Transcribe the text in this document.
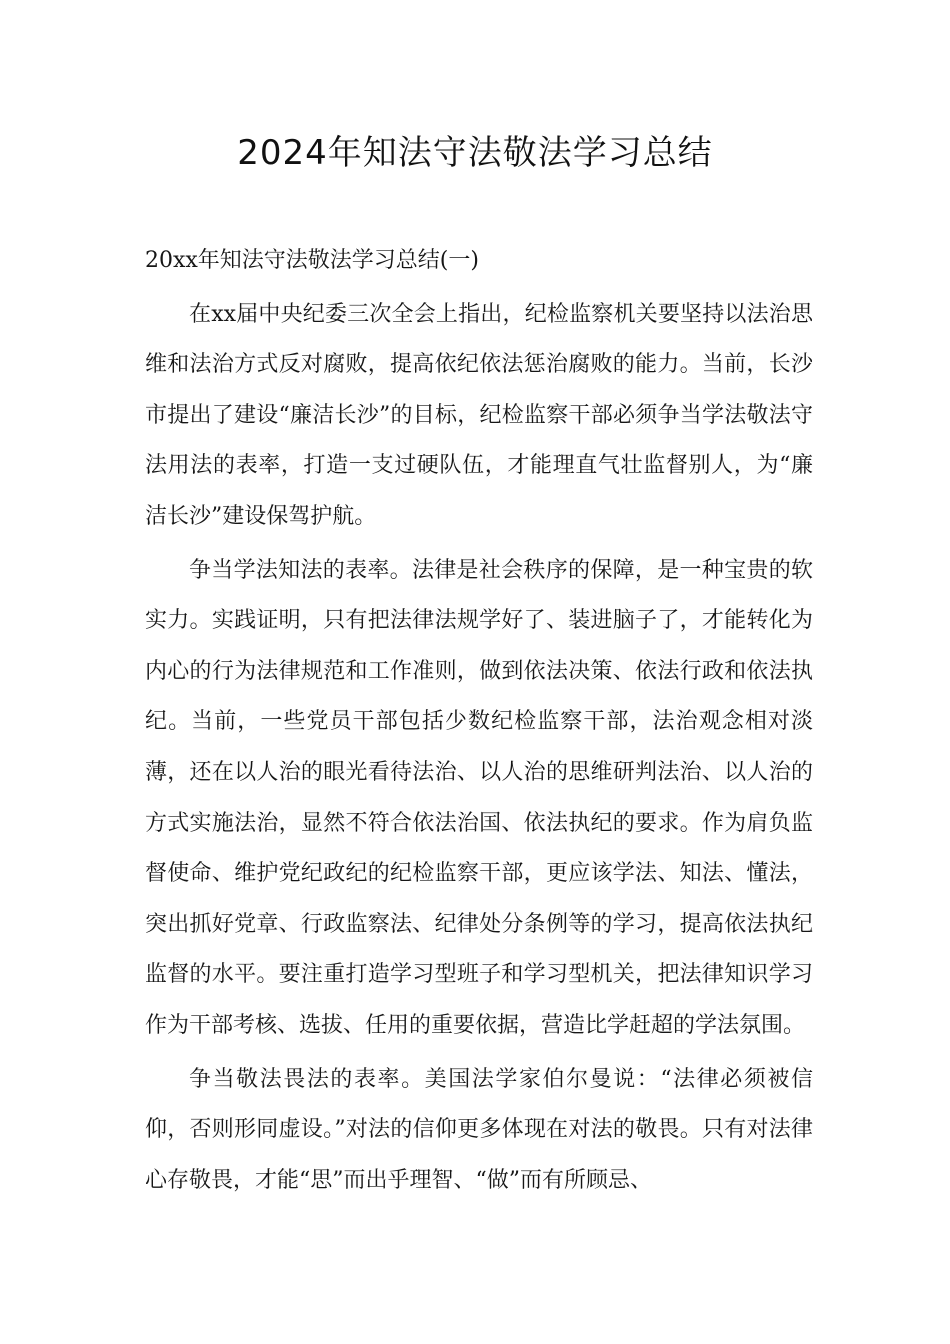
2024年知法守法敬法学习总结

20xx年知法守法敬法学习总结(一)

在xx届中央纪委三次全会上指出，纪检监察机关要坚持以法治思维和法治方式反对腐败，提高依纪依法惩治腐败的能力。当前，长沙市提出了建设“廉洁长沙”的目标，纪检监察干部必须争当学法敬法守法用法的表率，打造一支过硬队伍，才能理直气壮监督别人，为“廉洁长沙”建设保驾护航。

争当学法知法的表率。法律是社会秩序的保障，是一种宝贵的软实力。实践证明，只有把法律法规学好了、装进脑子了，才能转化为内心的行为法律规范和工作准则，做到依法决策、依法行政和依法执纪。当前，一些党员干部包括少数纪检监察干部，法治观念相对淡薄，还在以人治的眼光看待法治、以人治的思维研判法治、以人治的方式实施法治，显然不符合依法治国、依法执纪的要求。作为肩负监督使命、维护党纪政纪的纪检监察干部，更应该学法、知法、懂法，突出抓好党章、行政监察法、纪律处分条例等的学习，提高依法执纪监督的水平。要注重打造学习型班子和学习型机关，把法律知识学习作为干部考核、选拔、任用的重要依据，营造比学赶超的学法氛围。

争当敬法畏法的表率。美国法学家伯尔曼说：“法律必须被信仰，否则形同虚设。”对法的信仰更多体现在对法的敬畏。只有对法律心存敬畏，才能“思”而出乎理智、“做”而有所顾忌、
